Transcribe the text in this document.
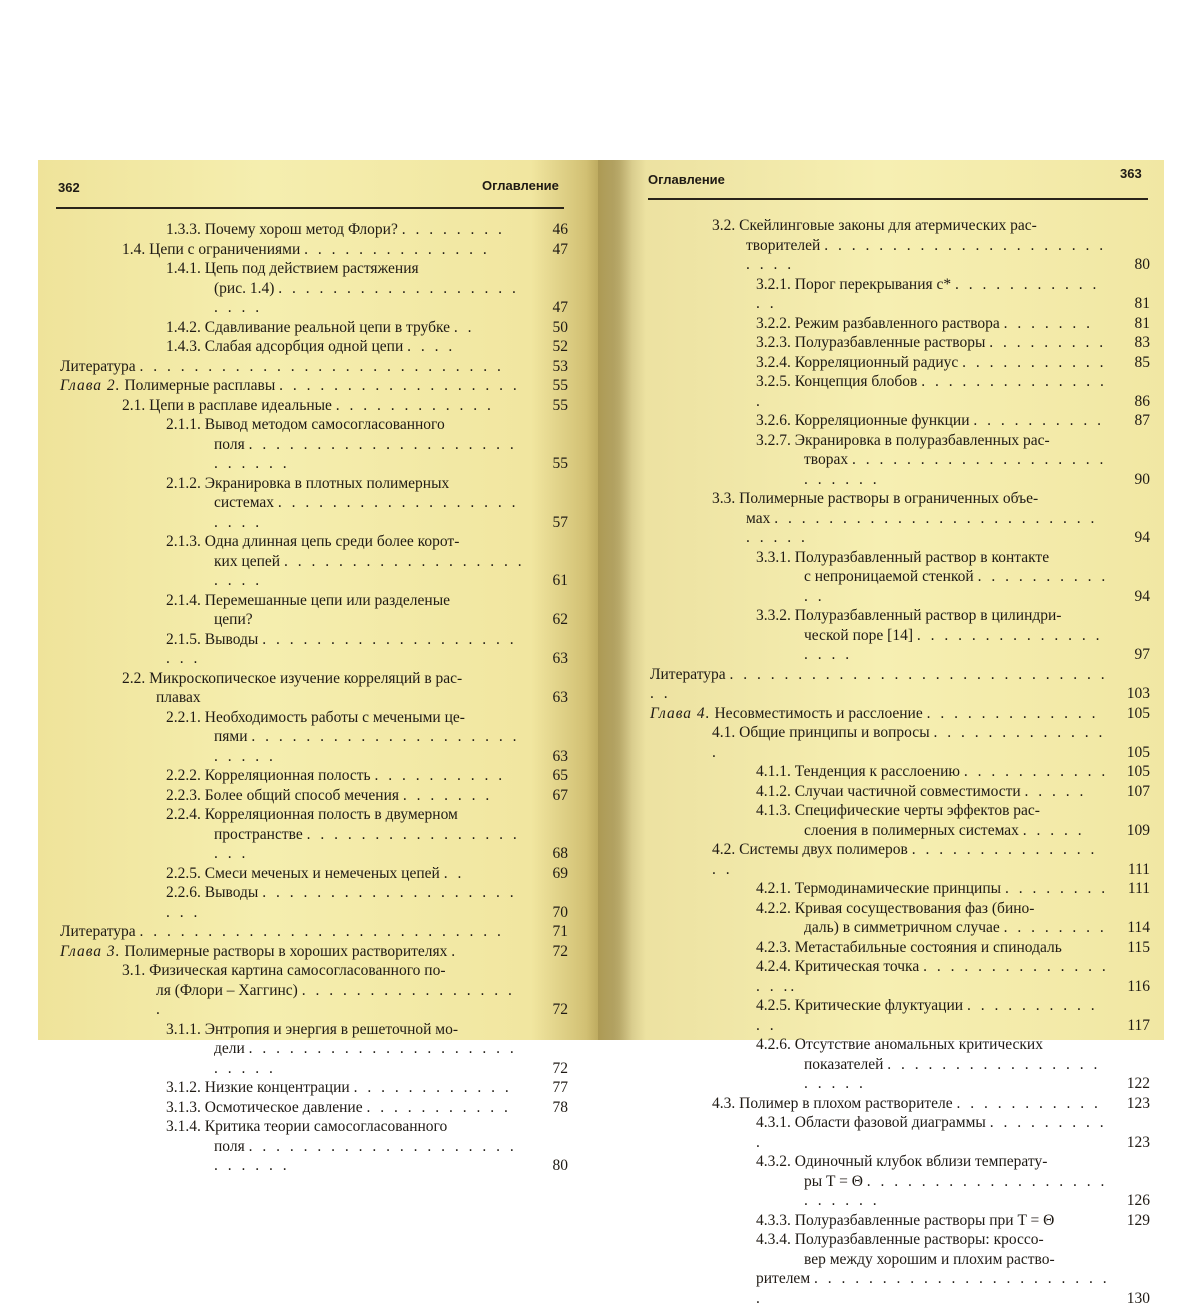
362	Оглавление
1.3.3. Почему хорош метод Флори? . . . . . . . .	46
1.4. Цепи с ограничениями . . . . . . . . . . . . . .	47
1.4.1. Цепь под действием растяжения
(рис. 1.4) . . . . . . . . . . . . . . . . . . . . . .	47
1.4.2. Сдавливание реальной цепи в трубке . .	50
1.4.3. Слабая адсорбция одной цепи . . . .	52
Литература . . . . . . . . . . . . . . . . . . . . . . . . . . .	53
Глава 2. Полимерные расплавы . . . . . . . . . . . . . . . . . .	55
2.1. Цепи в расплаве идеальные . . . . . . . . . . . .	55
2.1.1. Вывод методом самосогласованного
поля . . . . . . . . . . . . . . . . . . . . . . . . . .	55
2.1.2. Экранировка в плотных полимерных
системах . . . . . . . . . . . . . . . . . . . . . .	57
2.1.3. Одна длинная цепь среди более корот-
ких цепей . . . . . . . . . . . . . . . . . . . . . .	61
2.1.4. Перемешанные цепи или разделеные
цепи?	62
2.1.5. Выводы . . . . . . . . . . . . . . . . . . . . . .	63
2.2. Микроскопическое изучение корреляций в рас-
плавах	63
2.2.1. Необходимость работы с мечеными це-
пями . . . . . . . . . . . . . . . . . . . . . . . . .	63
2.2.2. Корреляционная полость . . . . . . . . . .	65
2.2.3. Более общий способ мечения . . . . . . .	67
2.2.4. Корреляционная полость в двумерном
пространстве . . . . . . . . . . . . . . . . . . .	68
2.2.5. Смеси меченых и немеченых цепей . .	69
2.2.6. Выводы . . . . . . . . . . . . . . . . . . . . . .	70
Литература . . . . . . . . . . . . . . . . . . . . . . . . . . .	71
Глава 3. Полимерные растворы в хороших растворителях .	72
3.1. Физическая картина самосогласованного по-
ля (Флори – Хаггинс) . . . . . . . . . . . . . . . . .	72
3.1.1. Энтропия и энергия в решеточной мо-
дели . . . . . . . . . . . . . . . . . . . . . . . . .	72
3.1.2. Низкие концентрации . . . . . . . . . . . .	77
3.1.3. Осмотическое давление . . . . . . . . . . .	78
3.1.4. Критика теории самосогласованного
поля . . . . . . . . . . . . . . . . . . . . . . . . . .	80
Оглавление	363
3.2. Скейлинговые законы для атермических рас-
творителей . . . . . . . . . . . . . . . . . . . . . . . . .	80
3.2.1. Порог перекрывания c* . . . . . . . . . . . . .	81
3.2.2. Режим разбавленного раствора . . . . . . .	81
3.2.3. Полуразбавленные растворы . . . . . . . . .	83
3.2.4. Корреляционный радиус . . . . . . . . . . .	85
3.2.5. Концепция блобов . . . . . . . . . . . . . . .	86
3.2.6. Корреляционные функции . . . . . . . . . .	87
3.2.7. Экранировка в полуразбавленных рас-
творах . . . . . . . . . . . . . . . . . . . . . . . . .	90
3.3. Полимерные растворы в ограниченных объе-
мах . . . . . . . . . . . . . . . . . . . . . . . . . . . . .	94
3.3.1. Полуразбавленный раствор в контакте
с непроницаемой стенкой . . . . . . . . . . . .	94
3.3.2. Полуразбавленный раствор в цилиндри-
ческой поре [14] . . . . . . . . . . . . . . . . . .	97
Литература . . . . . . . . . . . . . . . . . . . . . . . . . . . . . .	103
Глава 4. Несовместимость и расслоение . . . . . . . . . . . . .	105
4.1. Общие принципы и вопросы . . . . . . . . . . . . . .	105
4.1.1. Тенденция к расслоению . . . . . . . . . . .	105
4.1.2. Случаи частичной совместимости . . . . .	107
4.1.3. Специфические черты эффектов рас-
слоения в полимерных системах . . . . .	109
4.2. Системы двух полимеров . . . . . . . . . . . . . . . .	111
4.2.1. Термодинамические принципы . . . . . . . .	111
4.2.2. Кривая сосуществования фаз (бино-
даль) в симметричном случае . . . . . . . .	114
4.2.3. Метастабильные состояния и спинодаль	115
4.2.4. Критическая точка . . . . . . . . . . . . . . . . ..	116
4.2.5. Критические флуктуации . . . . . . . . . . . .	117
4.2.6. Отсутствие аномальных критических
показателей . . . . . . . . . . . . . . . . . . . . .	122
4.3. Полимер в плохом растворителе . . . . . . . . . . .	123
4.3.1. Области фазовой диаграммы . . . . . . . . . .	123
4.3.2. Одиночный клубок вблизи температу-
ры T = Θ . . . . . . . . . . . . . . . . . . . . . . . .	126
4.3.3. Полуразбавленные растворы при T = Θ	129
4.3.4. Полуразбавленные растворы: кроссо-
вер между хорошим и плохим раство-
рителем . . . . . . . . . . . . . . . . . . . . . . .	130
